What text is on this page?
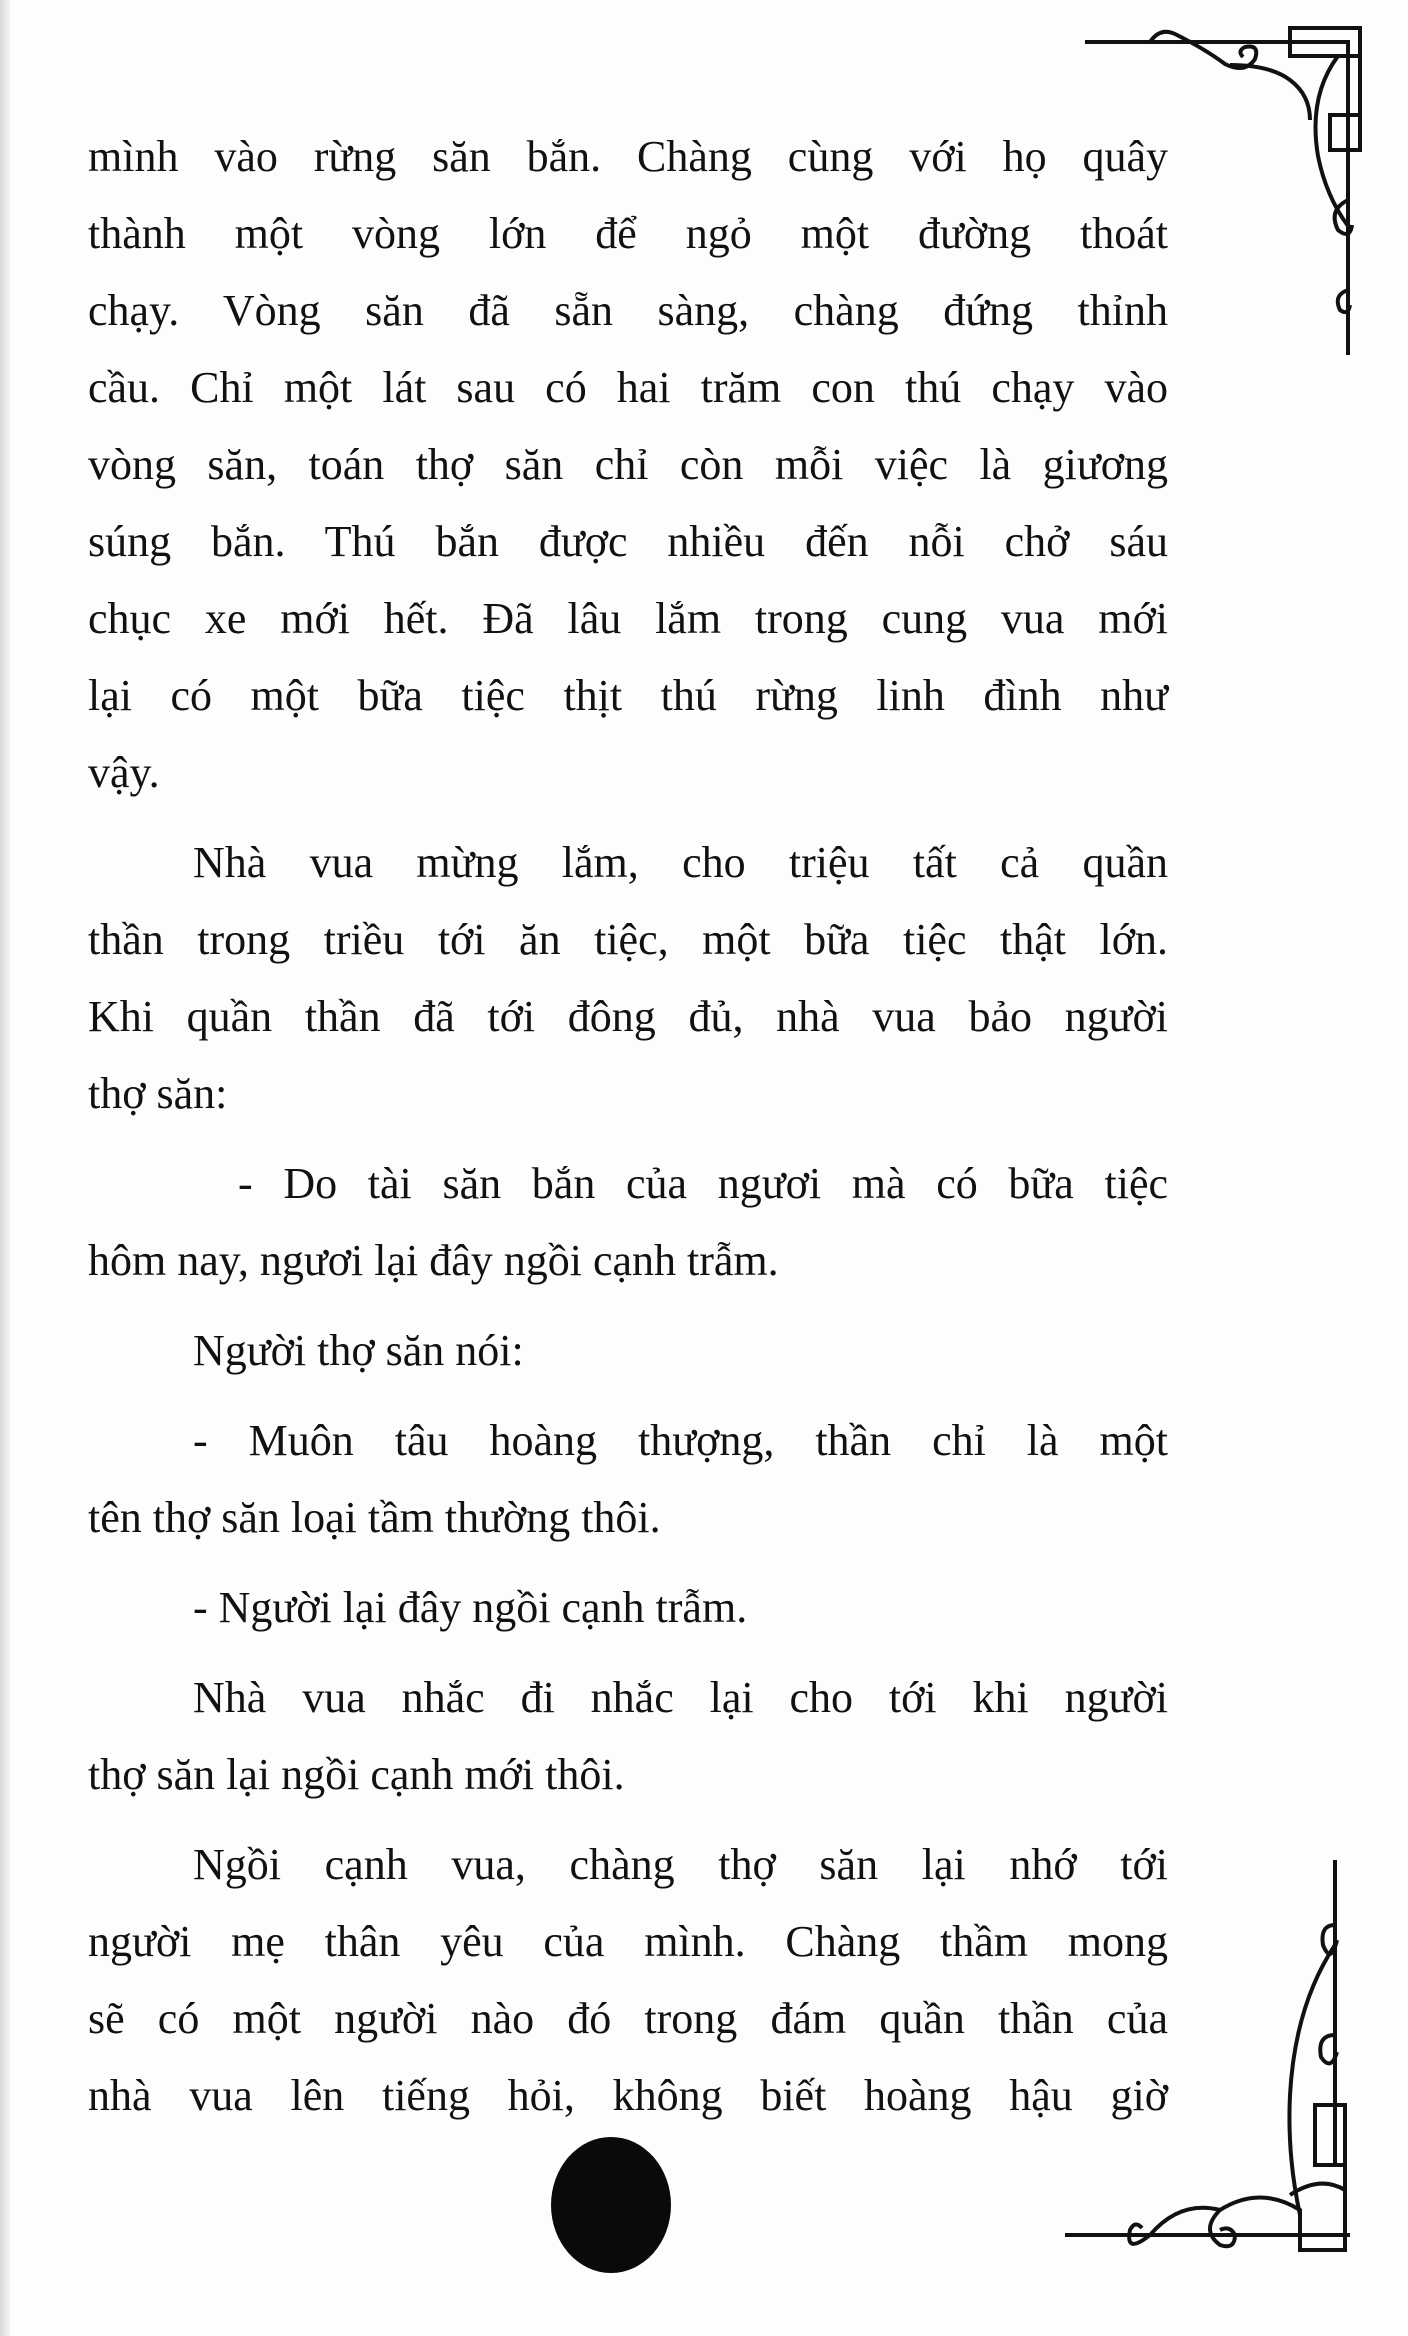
mình vào rừng săn bắn. Chàng cùng với họ quây
thành một vòng lớn để ngỏ một đường thoát
chạy. Vòng săn đã sẵn sàng, chàng đứng thỉnh
cầu. Chỉ một lát sau có hai trăm con thú chạy vào
vòng săn, toán thợ săn chỉ còn mỗi việc là giương
súng bắn. Thú bắn được nhiều đến nỗi chở sáu
chục xe mới hết. Đã lâu lắm trong cung vua mới
lại có một bữa tiệc thịt thú rừng linh đình như
vậy.
Nhà vua mừng lắm, cho triệu tất cả quần
thần trong triều tới ăn tiệc, một bữa tiệc thật lớn.
Khi quần thần đã tới đông đủ, nhà vua bảo người
thợ săn:
- Do tài săn bắn của ngươi mà có bữa tiệc
hôm nay, ngươi lại đây ngồi cạnh trẫm.
Người thợ săn nói:
- Muôn tâu hoàng thượng, thần chỉ là một
tên thợ săn loại tầm thường thôi.
- Người lại đây ngồi cạnh trẫm.
Nhà vua nhắc đi nhắc lại cho tới khi người
thợ săn lại ngồi cạnh mới thôi.
Ngồi cạnh vua, chàng thợ săn lại nhớ tới
người mẹ thân yêu của mình. Chàng thầm mong
sẽ có một người nào đó trong đám quần thần của
nhà vua lên tiếng hỏi, không biết hoàng hậu giờ
